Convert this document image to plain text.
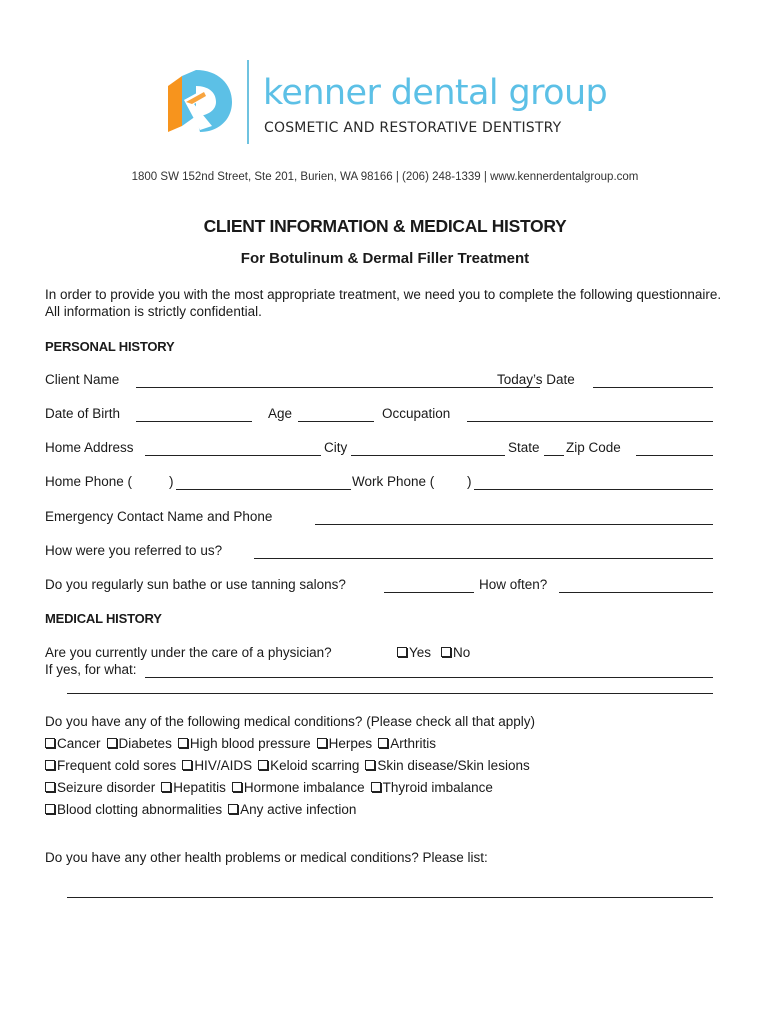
kenner dental group
COSMETIC AND RESTORATIVE DENTISTRY
1800 SW 152nd Street, Ste 201, Burien, WA 98166 | (206) 248-1339 | www.kennerdentalgroup.com
CLIENT INFORMATION & MEDICAL HISTORY
For Botulinum & Dermal Filler Treatment
In order to provide you with the most appropriate treatment, we need you to complete the following questionnaire. All information is strictly confidential.
PERSONAL HISTORY
Client Name	Today’s Date
Date of Birth	Age	Occupation
Home Address	City	State Zip Code
Home Phone (	)	Work Phone ( )
Emergency Contact Name and Phone
How were you referred to us?
Do you regularly sun bathe or use tanning salons?	How often?
MEDICAL HISTORY
Are you currently under the care of a physician?	Yes	No
If yes, for what:
Do you have any of the following medical conditions? (Please check all that apply)
Cancer Diabetes High blood pressure Herpes Arthritis
Frequent cold sores HIV/AIDS Keloid scarring Skin disease/Skin lesions
Seizure disorder Hepatitis Hormone imbalance Thyroid imbalance
Blood clotting abnormalities Any active infection
Do you have any other health problems or medical conditions? Please list:
